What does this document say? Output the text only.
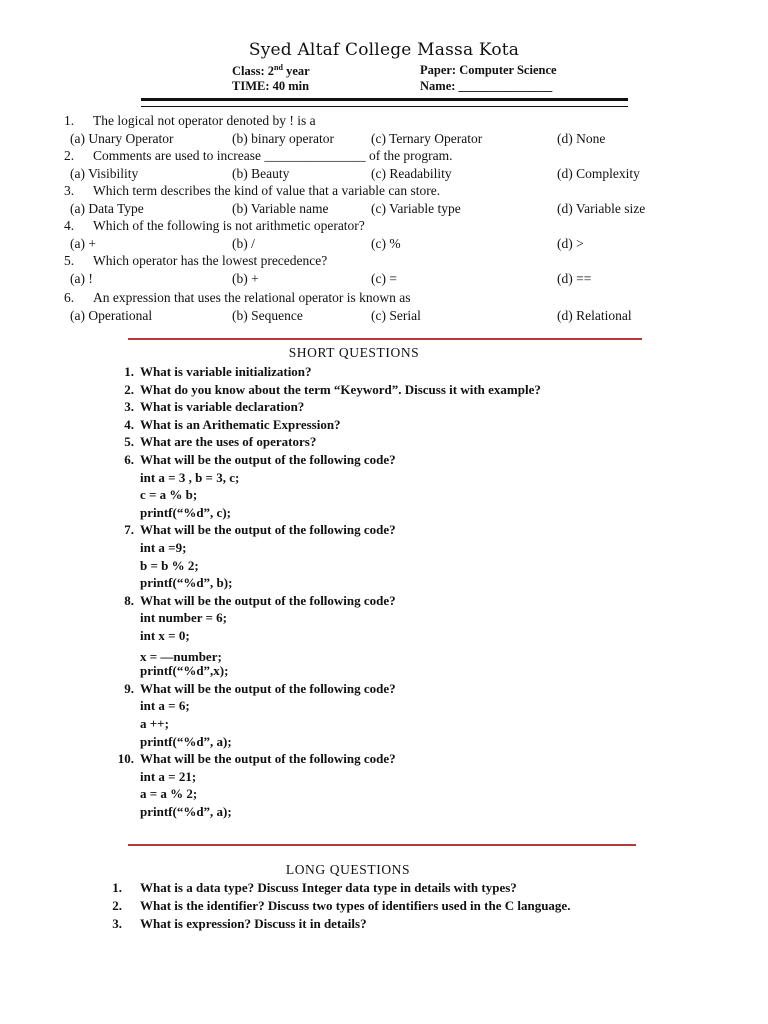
Syed Altaf College Massa Kota
Class: 2nd year	Paper: Computer Science
TIME: 40 min	Name: _______________
1. The logical not operator denoted by ! is a
(a) Unary Operator	(b) binary operator	(c) Ternary Operator	(d) None
2. Comments are used to increase _______________ of the program.
(a) Visibility	(b) Beauty	(c) Readability	(d) Complexity
3. Which term describes the kind of value that a variable can store.
(a) Data Type	(b) Variable name	(c) Variable type	(d) Variable size
4. Which of the following is not arithmetic operator?
(a) +	(b) /	(c) %	(d) >
5. Which operator has the lowest precedence?
(a) !	(b) +	(c) =	(d) ==
6. An expression that uses the relational operator is known as
(a) Operational	(b) Sequence	(c) Serial	(d) Relational
SHORT QUESTIONS
1. What is variable initialization?
2. What do you know about the term “Keyword”. Discuss it with example?
3. What is variable declaration?
4. What is an Arithematic Expression?
5. What are the uses of operators?
6. What will be the output of the following code?
int a = 3 , b = 3, c;
c = a % b;
printf(“%d”, c);
7. What will be the output of the following code?
int a =9;
b = b % 2;
printf(“%d”, b);
8. What will be the output of the following code?
int number = 6;
int x = 0;
x = ––number;
printf(“%d”,x);
9. What will be the output of the following code?
int a = 6;
a ++;
printf(“%d”, a);
10. What will be the output of the following code?
int a = 21;
a = a % 2;
printf(“%d”, a);
LONG QUESTIONS
1. What is a data type? Discuss Integer data type in details with types?
2. What is the identifier? Discuss two types of identifiers used in the C language.
3. What is expression? Discuss it in details?
